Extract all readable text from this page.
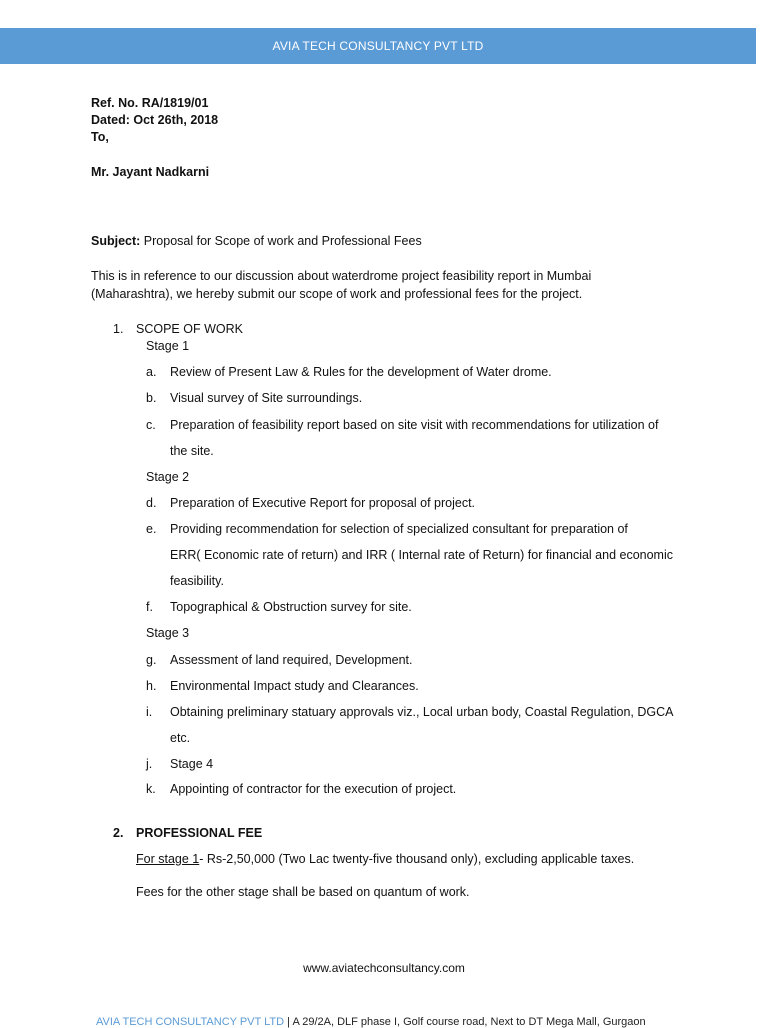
AVIA TECH CONSULTANCY PVT LTD
Ref. No. RA/1819/01
Dated: Oct 26th, 2018
To,
Mr. Jayant Nadkarni
Subject: Proposal for Scope of work and Professional Fees
This is in reference to our discussion about waterdrome project feasibility report in Mumbai
(Maharashtra), we hereby submit our scope of work and professional fees for the project.
1. SCOPE OF WORK
Stage 1
a. Review of Present Law & Rules for the development of Water drome.
b. Visual survey of Site surroundings.
c. Preparation of feasibility report based on site visit with recommendations for utilization of
the site.
Stage 2
d. Preparation of Executive Report for proposal of project.
e. Providing recommendation for selection of specialized consultant for preparation of
ERR( Economic rate of return) and IRR ( Internal rate of Return) for financial and economic
feasibility.
f. Topographical & Obstruction survey for site.
Stage 3
g. Assessment of land required, Development.
h. Environmental Impact study and Clearances.
i. Obtaining preliminary statuary approvals viz., Local urban body, Coastal Regulation, DGCA
etc.
j. Stage 4
k. Appointing of contractor for the execution of project.
2. PROFESSIONAL FEE
For stage 1- Rs-2,50,000 (Two Lac twenty-five thousand only), excluding applicable taxes.
Fees for the other stage shall be based on quantum of work.
www.aviatechconsultancy.com
AVIA TECH CONSULTANCY PVT LTD | A 29/2A, DLF phase I, Golf course road, Next to DT Mega Mall, Gurgaon
